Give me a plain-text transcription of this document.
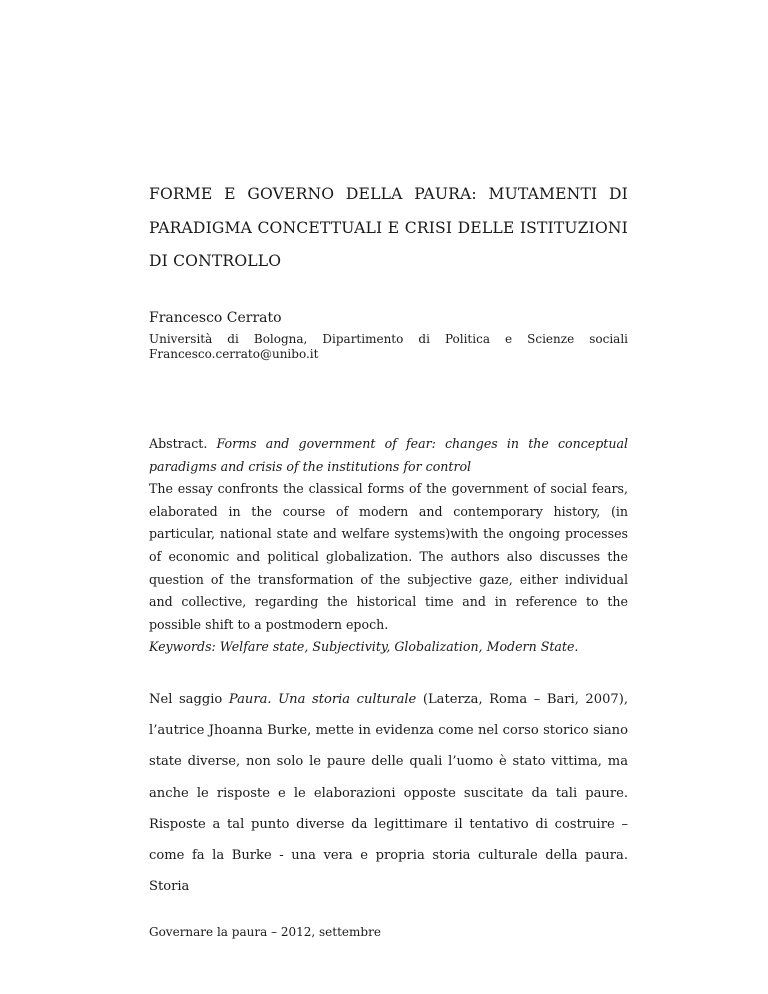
FORME E GOVERNO DELLA PAURA: MUTAMENTI DI PARADIGMA CONCETTUALI E CRISI DELLE ISTITUZIONI DI CONTROLLO
Francesco Cerrato
Università di Bologna, Dipartimento di Politica e Scienze sociali
Francesco.cerrato@unibo.it

Abstract. Forms and government of fear: changes in the conceptual paradigms and crisis of the institutions for control

The essay confronts the classical forms of the government of social fears, elaborated in the course of modern and contemporary history, (in particular, national state and welfare systems)with the ongoing processes of economic and political globalization. The authors also discusses the question of the transformation of the subjective gaze, either individual and collective, regarding the historical time and in reference to the possible shift to a postmodern epoch.

Keywords: Welfare state, Subjectivity, Globalization, Modern State.

Nel saggio Paura. Una storia culturale (Laterza, Roma – Bari, 2007), l’autrice Jhoanna Burke, mette in evidenza come nel corso storico siano state diverse, non solo le paure delle quali l’uomo è stato vittima, ma anche le risposte e le elaborazioni opposte suscitate da tali paure. Risposte a tal punto diverse da legittimare il tentativo di costruire – come fa la Burke - una vera e propria storia culturale della paura. Storia

Governare la paura – 2012, settembre
